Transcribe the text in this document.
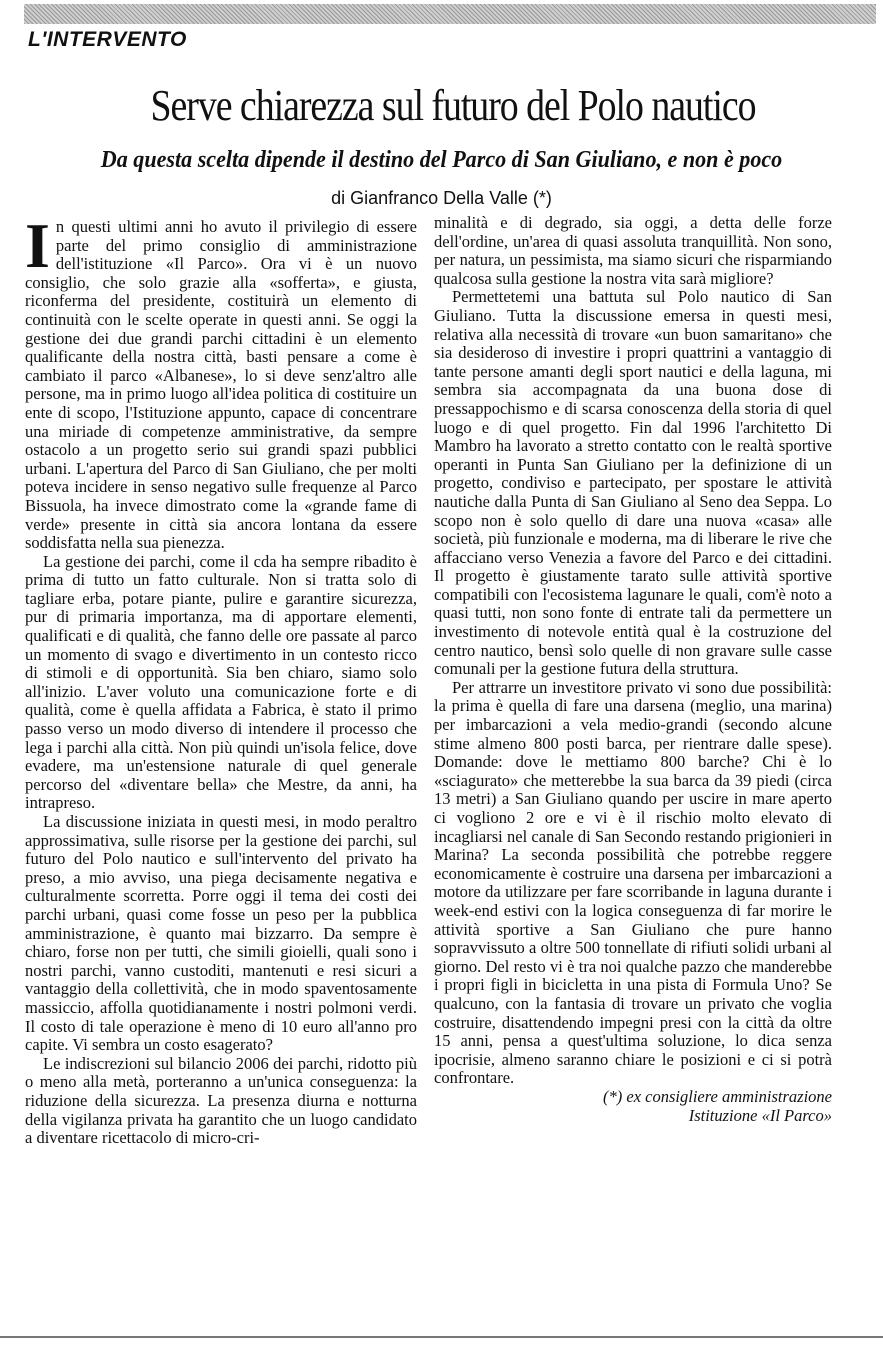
L'INTERVENTO
Serve chiarezza sul futuro del Polo nautico
Da questa scelta dipende il destino del Parco di San Giuliano, e non è poco
di Gianfranco Della Valle (*)

In questi ultimi anni ho avuto il privilegio di essere parte del primo consiglio di amministrazione dell'istituzione «Il Parco». Ora vi è un nuovo consiglio, che solo grazie alla «sofferta», e giusta, riconferma del presidente, costituirà un elemento di continuità con le scelte operate in questi anni. Se oggi la gestione dei due grandi parchi cittadini è un elemento qualificante della nostra città, basti pensare a come è cambiato il parco «Albanese», lo si deve senz'altro alle persone, ma in primo luogo all'idea politica di costituire un ente di scopo, l'Istituzione appunto, capace di concentrare una miriade di competenze amministrative, da sempre ostacolo a un progetto serio sui grandi spazi pubblici urbani. L'apertura del Parco di San Giuliano, che per molti poteva incidere in senso negativo sulle frequenze al Parco Bissuola, ha invece dimostrato come la «grande fame di verde» presente in città sia ancora lontana da essere soddisfatta nella sua pienezza.

La gestione dei parchi, come il cda ha sempre ribadito è prima di tutto un fatto culturale. Non si tratta solo di tagliare erba, potare piante, pulire e garantire sicurezza, pur di primaria importanza, ma di apportare elementi, qualificati e di qualità, che fanno delle ore passate al parco un momento di svago e divertimento in un contesto ricco di stimoli e di opportunità. Sia ben chiaro, siamo solo all'inizio. L'aver voluto una comunicazione forte e di qualità, come è quella affidata a Fabrica, è stato il primo passo verso un modo diverso di intendere il processo che lega i parchi alla città. Non più quindi un'isola felice, dove evadere, ma un'estensione naturale di quel generale percorso del «diventare bella» che Mestre, da anni, ha intrapreso.

La discussione iniziata in questi mesi, in modo peraltro approssimativa, sulle risorse per la gestione dei parchi, sul futuro del Polo nautico e sull'intervento del privato ha preso, a mio avviso, una piega decisamente negativa e culturalmente scorretta. Porre oggi il tema dei costi dei parchi urbani, quasi come fosse un peso per la pubblica amministrazione, è quanto mai bizzarro. Da sempre è chiaro, forse non per tutti, che simili gioielli, quali sono i nostri parchi, vanno custoditi, mantenuti e resi sicuri a vantaggio della collettività, che in modo spaventosamente massiccio, affolla quotidianamente i nostri polmoni verdi. Il costo di tale operazione è meno di 10 euro all'anno pro capite. Vi sembra un costo esagerato?

Le indiscrezioni sul bilancio 2006 dei parchi, ridotto più o meno alla metà, porteranno a un'unica conseguenza: la riduzione della sicurezza. La presenza diurna e notturna della vigilanza privata ha garantito che un luogo candidato a diventare ricettacolo di micro-cri-

minalità e di degrado, sia oggi, a detta delle forze dell'ordine, un'area di quasi assoluta tranquillità. Non sono, per natura, un pessimista, ma siamo sicuri che risparmiando qualcosa sulla gestione la nostra vita sarà migliore?

Permettetemi una battuta sul Polo nautico di San Giuliano. Tutta la discussione emersa in questi mesi, relativa alla necessità di trovare «un buon samaritano» che sia desideroso di investire i propri quattrini a vantaggio di tante persone amanti degli sport nautici e della laguna, mi sembra sia accompagnata da una buona dose di pressappochismo e di scarsa conoscenza della storia di quel luogo e di quel progetto. Fin dal 1996 l'architetto Di Mambro ha lavorato a stretto contatto con le realtà sportive operanti in Punta San Giuliano per la definizione di un progetto, condiviso e partecipato, per spostare le attività nautiche dalla Punta di San Giuliano al Seno dea Seppa. Lo scopo non è solo quello di dare una nuova «casa» alle società, più funzionale e moderna, ma di liberare le rive che affacciano verso Venezia a favore del Parco e dei cittadini. Il progetto è giustamente tarato sulle attività sportive compatibili con l'ecosistema lagunare le quali, com'è noto a quasi tutti, non sono fonte di entrate tali da permettere un investimento di notevole entità qual è la costruzione del centro nautico, bensì solo quelle di non gravare sulle casse comunali per la gestione futura della struttura.

Per attrarre un investitore privato vi sono due possibilità: la prima è quella di fare una darsena (meglio, una marina) per imbarcazioni a vela medio-grandi (secondo alcune stime almeno 800 posti barca, per rientrare dalle spese). Domande: dove le mettiamo 800 barche? Chi è lo «sciagurato» che metterebbe la sua barca da 39 piedi (circa 13 metri) a San Giuliano quando per uscire in mare aperto ci vogliono 2 ore e vi è il rischio molto elevato di incagliarsi nel canale di San Secondo restando prigionieri in Marina? La seconda possibilità che potrebbe reggere economicamente è costruire una darsena per imbarcazioni a motore da utilizzare per fare scorribande in laguna durante i week-end estivi con la logica conseguenza di far morire le attività sportive a San Giuliano che pure hanno sopravvissuto a oltre 500 tonnellate di rifiuti solidi urbani al giorno. Del resto vi è tra noi qualche pazzo che manderebbe i propri figli in bicicletta in una pista di Formula Uno? Se qualcuno, con la fantasia di trovare un privato che voglia costruire, disattendendo impegni presi con la città da oltre 15 anni, pensa a quest'ultima soluzione, lo dica senza ipocrisie, almeno saranno chiare le posizioni e ci si potrà confrontare.

(*) ex consigliere amministrazione
Istituzione «Il Parco»
